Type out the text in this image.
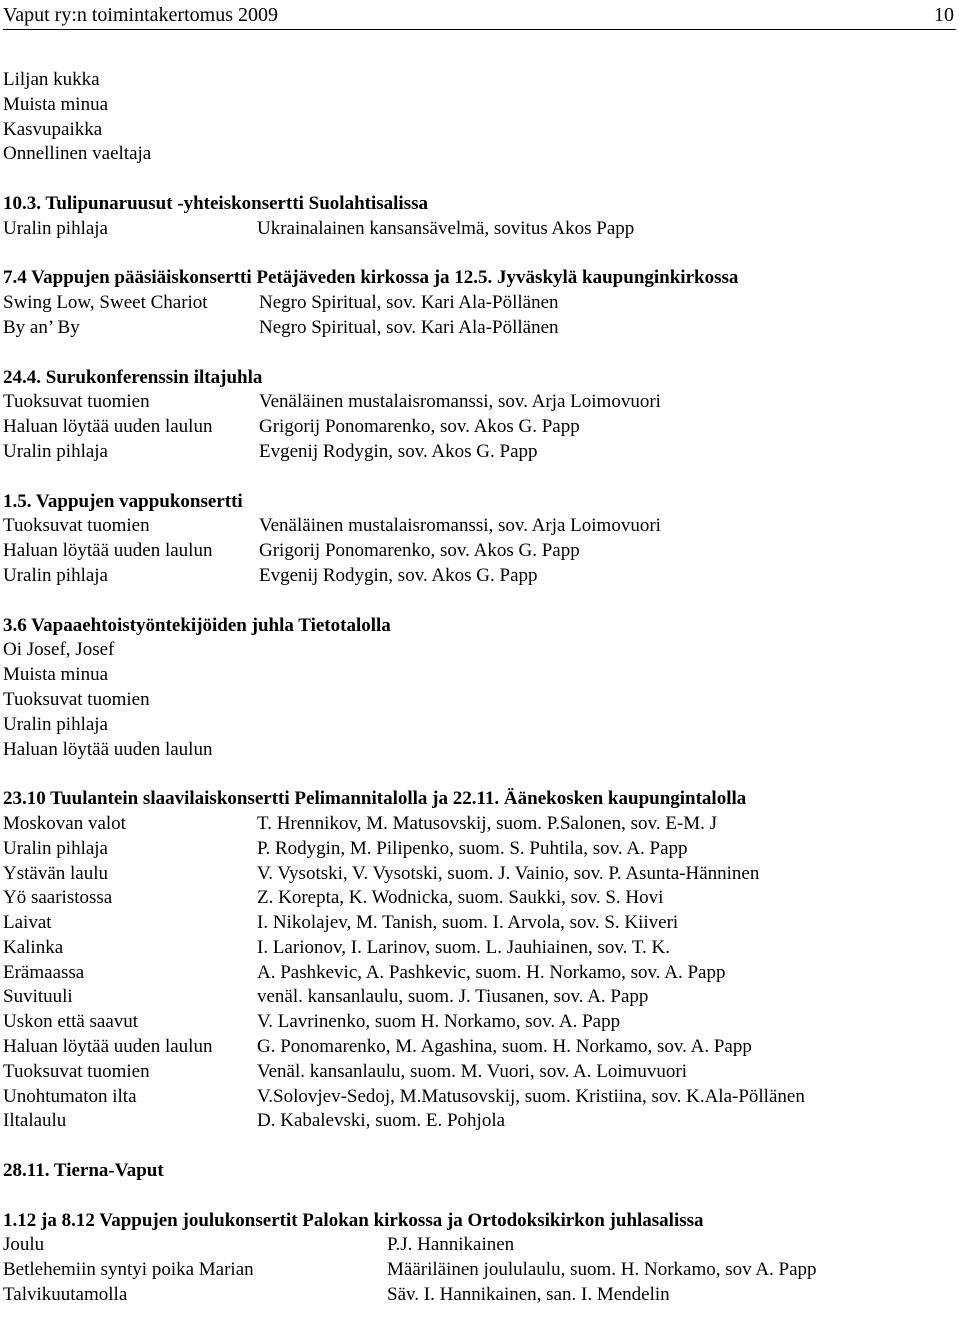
Vaput ry:n toimintakertomus 2009	10
Liljan kukka
Muista minua
Kasvupaikka
Onnellinen vaeltaja
10.3. Tulipunaruusut -yhteiskonsertti Suolahtisalissa
Uralin pihlaja	Ukrainalainen kansansävelmä, sovitus Akos Papp
7.4 Vappujen pääsiäiskonsertti Petäjäveden kirkossa ja 12.5. Jyväskylä kaupunginkirkossa
Swing Low, Sweet Chariot	Negro Spiritual, sov. Kari Ala-Pöllänen
By an’ By	Negro Spiritual, sov. Kari Ala-Pöllänen
24.4. Surukonferenssin iltajuhla
Tuoksuvat tuomien	Venäläinen mustalaisromanssi, sov. Arja Loimovuori
Haluan löytää uuden laulun	Grigorij Ponomarenko, sov. Akos G. Papp
Uralin pihlaja	Evgenij Rodygin, sov. Akos G. Papp
1.5. Vappujen vappukonsertti
Tuoksuvat tuomien	Venäläinen mustalaisromanssi, sov. Arja Loimovuori
Haluan löytää uuden laulun	Grigorij Ponomarenko, sov. Akos G. Papp
Uralin pihlaja	Evgenij Rodygin, sov. Akos G. Papp
3.6 Vapaaehtoistyöntekijöiden juhla Tietotalolla
Oi Josef, Josef
Muista minua
Tuoksuvat tuomien
Uralin pihlaja
Haluan löytää uuden laulun
23.10 Tuulantein slaavilaiskonsertti Pelimannitalolla ja 22.11. Äänekosken kaupungintalolla
Moskovan valot	T. Hrennikov, M. Matusovskij, suom. P.Salonen, sov. E-M. J
Uralin pihlaja	P. Rodygin, M. Pilipenko, suom. S. Puhtila, sov. A. Papp
Ystävän laulu	V. Vysotski, V. Vysotski, suom. J. Vainio, sov. P. Asunta-Hänninen
Yö saaristossa	Z. Korepta, K. Wodnicka, suom. Saukki, sov. S. Hovi
Laivat	I. Nikolajev, M. Tanish, suom. I. Arvola, sov. S. Kiiveri
Kalinka	I. Larionov, I. Larinov, suom. L. Jauhiainen, sov. T. K.
Erämaassa	A. Pashkevic, A. Pashkevic, suom. H. Norkamo, sov. A. Papp
Suvituuli	venäl. kansanlaulu, suom. J. Tiusanen, sov. A. Papp
Uskon että saavut	V. Lavrinenko, suom H. Norkamo, sov. A. Papp
Haluan löytää uuden laulun	G. Ponomarenko, M. Agashina, suom. H. Norkamo, sov. A. Papp
Tuoksuvat tuomien	Venäl. kansanlaulu, suom. M. Vuori, sov. A. Loimuvuori
Unohtumaton ilta	V.Solovjev-Sedoj, M.Matusovskij, suom. Kristiina, sov. K.Ala-Pöllänen
Iltalaulu	D. Kabalevski, suom. E. Pohjola
28.11. Tierna-Vaput
1.12 ja 8.12 Vappujen joulukonsertit Palokan kirkossa ja Ortodoksikirkon juhlasalissa
Joulu	P.J. Hannikainen
Betlehemiin syntyi poika Marian	Määriläinen joululaulu, suom. H. Norkamo, sov A. Papp
Talvikuutamolla	Säv. I. Hannikainen, san. I. Mendelin
